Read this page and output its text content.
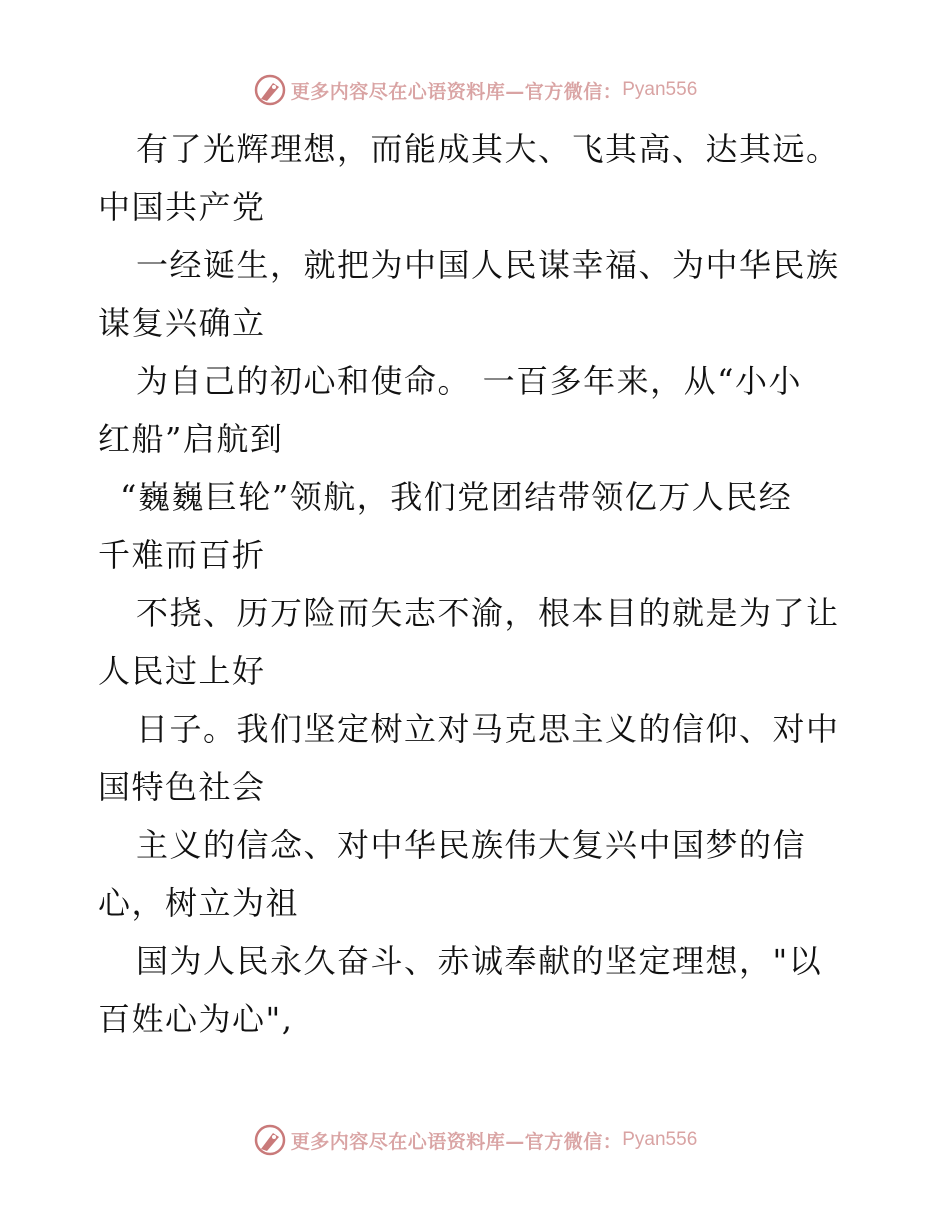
更多内容尽在心语资料库—官方微信： Pyan556
有了光辉理想，而能成其大、飞其高、达其远。
中国共产党
一经诞生，就把为中国人民谋幸福、为中华民族
谋复兴确立
为自己的初心和使命。 一百多年来，从“小小
红船”启航到
“巍巍巨轮”领航，我们党团结带领亿万人民经
千难而百折
不挠、历万险而矢志不渝，根本目的就是为了让
人民过上好
日子。我们坚定树立对马克思主义的信仰、对中
国特色社会
主义的信念、对中华民族伟大复兴中国梦的信
心，树立为祖
国为人民永久奋斗、赤诚奉献的坚定理想，"以
百姓心为心",
更多内容尽在心语资料库—官方微信： Pyan556
